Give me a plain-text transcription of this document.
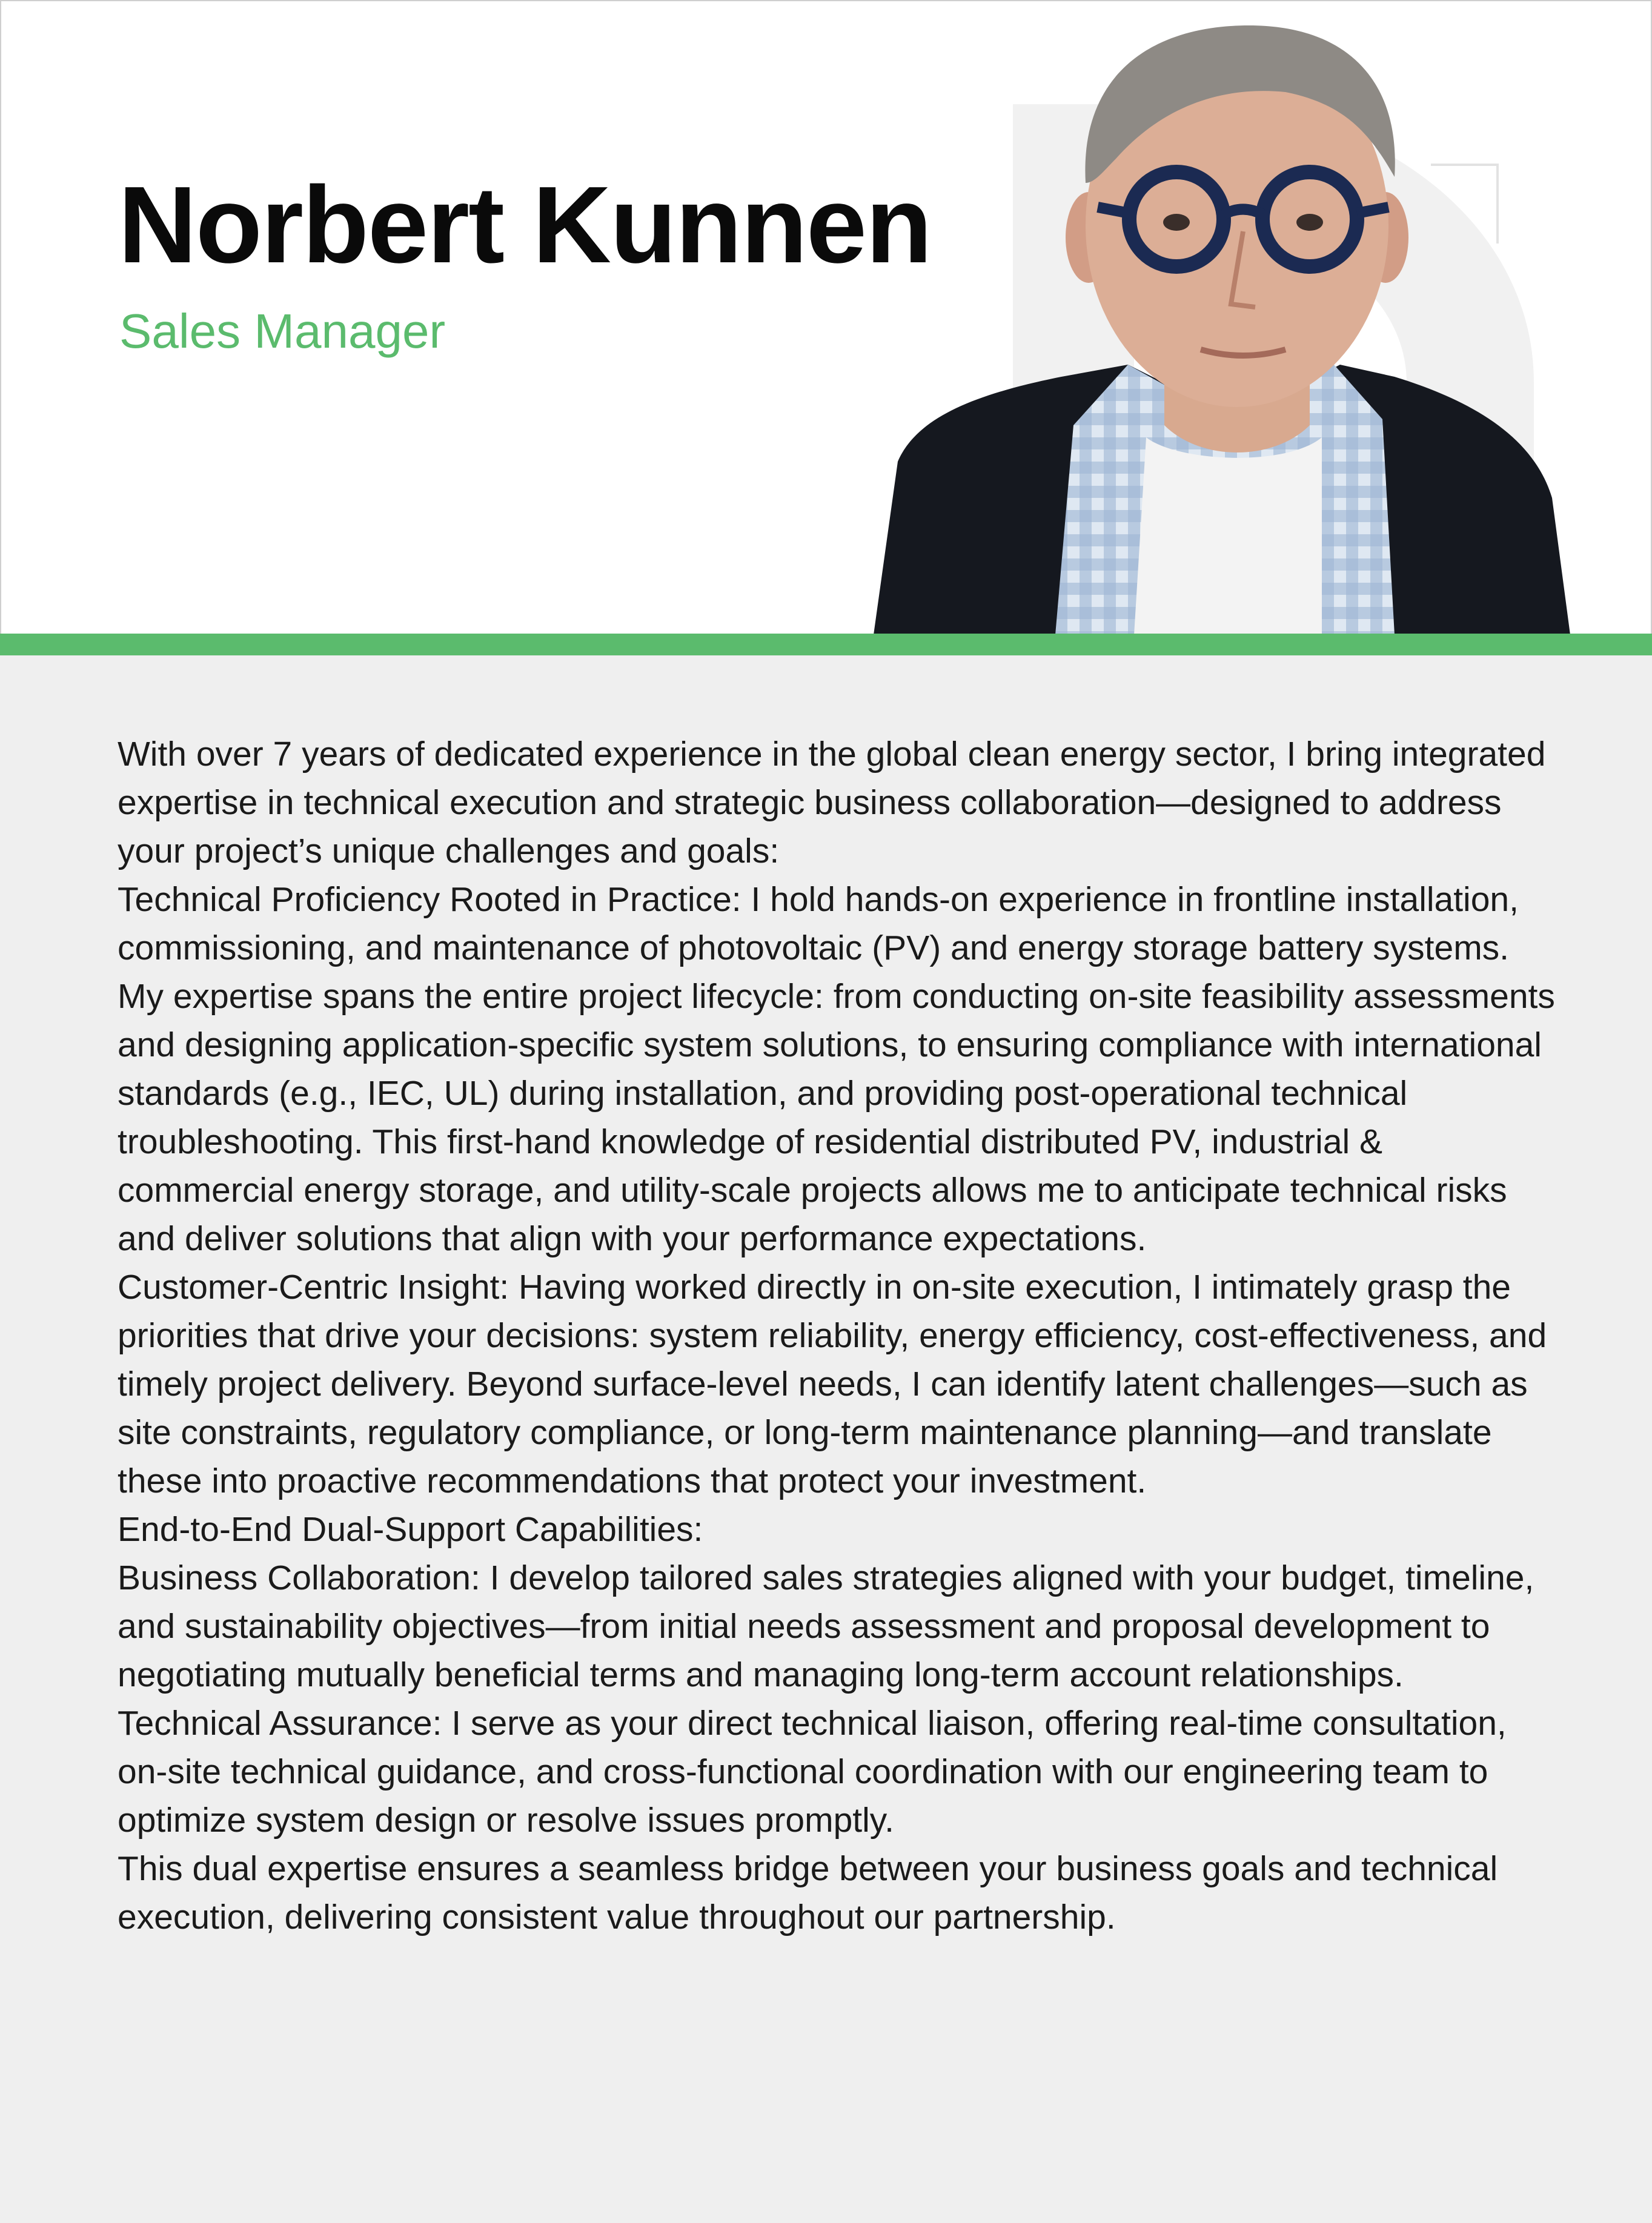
Norbert Kunnen
Sales Manager

With over 7 years of dedicated experience in the global clean energy sector, I bring integrated expertise in technical execution and strategic business collaboration—designed to address your project’s unique challenges and goals:

Technical Proficiency Rooted in Practice: I hold hands-on experience in frontline installation, commissioning, and maintenance of photovoltaic (PV) and energy storage battery systems. My expertise spans the entire project lifecycle: from conducting on-site feasibility assessments and designing application-specific system solutions, to ensuring compliance with international standards (e.g., IEC, UL) during installation, and providing post-operational technical troubleshooting. This first-hand knowledge of residential distributed PV, industrial & commercial energy storage, and utility-scale projects allows me to anticipate technical risks and deliver solutions that align with your performance expectations.

Customer-Centric Insight: Having worked directly in on-site execution, I intimately grasp the priorities that drive your decisions: system reliability, energy efficiency, cost-effectiveness, and timely project delivery. Beyond surface-level needs, I can identify latent challenges—such as site constraints, regulatory compliance, or long-term maintenance planning—and translate these into proactive recommendations that protect your investment.

End-to-End Dual-Support Capabilities:

Business Collaboration: I develop tailored sales strategies aligned with your budget, timeline, and sustainability objectives—from initial needs assessment and proposal development to negotiating mutually beneficial terms and managing long-term account relationships.

Technical Assurance: I serve as your direct technical liaison, offering real-time consultation, on-site technical guidance, and cross-functional coordination with our engineering team to optimize system design or resolve issues promptly.

This dual expertise ensures a seamless bridge between your business goals and technical execution, delivering consistent value throughout our partnership.
